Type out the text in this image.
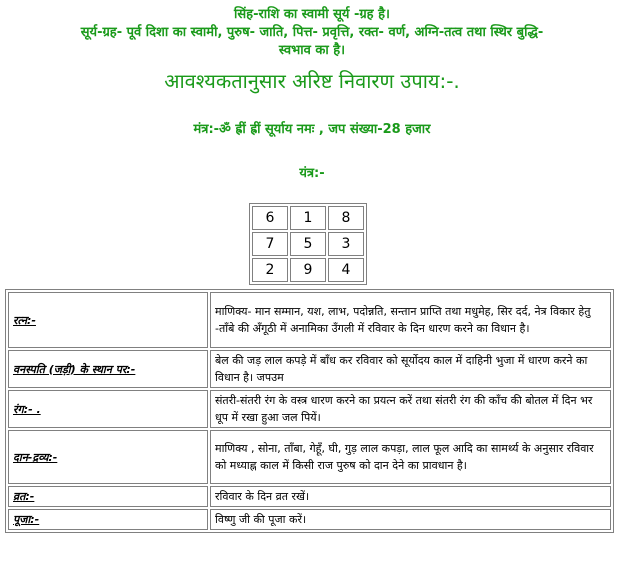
सिंह-राशि का स्वामी सूर्य -ग्रह है।
सूर्य-ग्रह- पूर्व दिशा का स्वामी, पुरुष- जाति, पित्त- प्रवृत्ति, रक्त- वर्ण, अग्नि-तत्व तथा स्थिर बुद्धि-
स्वभाव का है।
आवश्यकतानुसार अरिष्ट निवारण उपाय:-.
मंत्र:-ॐ ह्रीं ह्रीं सूर्याय नमः , जप संख्या-28 हजार
यंत्र:-
6	1	8
7	5	3
2	9	4
रत्न:-	माणिक्य- मान सम्मान, यश, लाभ, पदोन्नति, सन्तान प्राप्ति तथा मधुमेह, सिर दर्द, नेत्र विकार हेतु -ताँबे की अँगूठी में अनामिका उँगली में रविवार के दिन धारण करने का विधान है।
वनस्पति (जड़ी) के स्थान पर:-	बेल की जड़ लाल कपड़े में बाँध कर रविवार को सूर्योदय काल में दाहिनी भुजा में धारण करने का विधान है। जपउम
रंग:- .	संतरी-संतरी रंग के वस्त्र धारण करने का प्रयत्न करें तथा संतरी रंग की काँच की बोतल में दिन भर धूप में रखा हुआ जल पियें।
दान-द्रव्य:-	माणिक्य , सोना, ताँबा, गेहूँ, घी, गुड़ लाल कपड़ा, लाल फूल आदि का सामर्थ्य के अनुसार रविवार को मध्याह्न काल में किसी राज पुरुष को दान देने का प्रावधान है।
व्रत:-	रविवार के दिन व्रत रखें।
पूजा:-	विष्णु जी की पूजा करें।
